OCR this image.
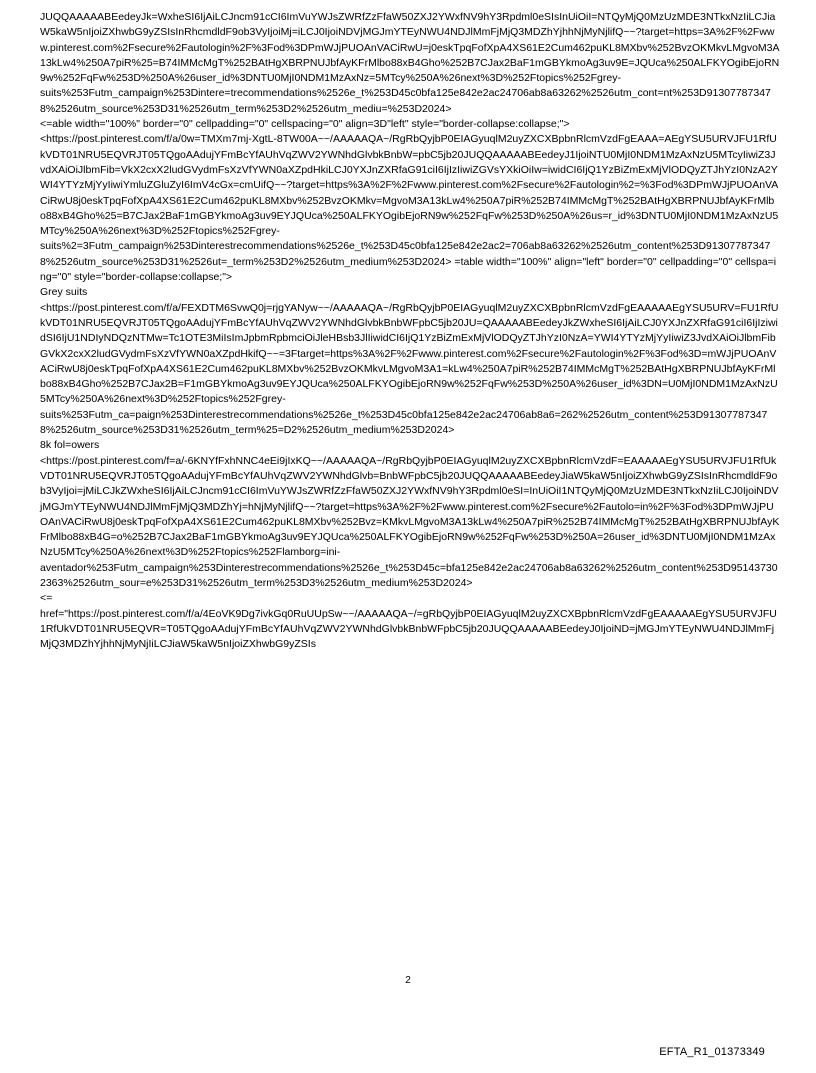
JUQQAAAAABEedeyJk=WxheSI6IjAiLCJncm91cCI6ImVuYWJsZWRfZzFfaW50ZXJ2YWxfNV9hY3Rpdml0eSIsInUiOiI=NTQyMjQ0MzUzMDE3NTkxNzIiLCJiaW5kaW5nIjoiZXhwbG9yZSIsInRhcmdldF9ob3VyIjoiMj=iLCJ0IjoiNDVjMGJmYTEyNWU4NDJlMmFjMjQ3MDZhYjhhNjMyNjlifQ~~?target=https=3A%2F%2Fwww.pinterest.com%2Fsecure%2Fautologin%2F%3Fod%3DPmWJjPUOAnVACiRwU=j0eskTpqFofXpA4XS61E2Cum462puKL8MXbv%252BvzOKMkvLMgvoM3A13kLw4%250A7piR%25=B74IMMcMgT%252BAtHgXBRPNUJbfAyKFrMlbo88xB4Gho%252B7CJax2BaF1mGBYkmoAg3uv9E=JQUca%250ALFKYOgibEjoRN9w%252FqFw%253D%250A%26user_id%3DNTU0MjI0NDM1MzAxNz=5MTcy%250A%26next%3D%252Ftopics%252Fgrey-

suits%253Futm_campaign%253Dintere=trecommendations%2526e_t%253D45c0bfa125e842e2ac24706ab8a63262%2526utm_cont=nt%253D913077873478%2526utm_source%253D31%2526utm_term%253D2%2526utm_mediu=%253D2024>

<=able width="100%" border="0" cellpadding="0" cellspacing="0" align=3D"left" style="border-collapse:collapse;">

<https://post.pinterest.com/f/a/0w=TMXm7mj-XgtL-8TW00A~~/AAAAAQA~/RgRbQyjbP0EIAGyuqlM2uyZXCXBpbnRlcmVzdFgEAAA=AEgYSU5URVJFU1RfUkVDT01NRU5EQVRJT05TQgoAAdujYFmBcYfAUhVqZWV2YWNhdGlvbkBnbW=pbC5jb20JUQQAAAAABEedeyJ1IjoiNTU0MjI0NDM1MzAxNzU5MTcyIiwiZ3JvdXAiOiJlbmFib=VkX2cxX2ludGVydmFsXzVfYWN0aXZpdHkiLCJ0YXJnZXRfaG91ciI6IjIzIiwiZGVsYXkiOiIw=iwidCI6IjQ1YzBiZmExMjVlODQyZTJhYzI0NzA2YWI4YTYzMjYyIiwiYmluZGluZyI6ImV4cGx=cmUifQ~~?target=https%3A%2F%2Fwww.pinterest.com%2Fsecure%2Fautologin%2=%3Fod%3DPmWJjPUOAnVACiRwU8j0eskTpqFofXpA4XS61E2Cum462puKL8MXbv%252BvzOKMkv=MgvoM3A13kLw4%250A7piR%252B74IMMcMgT%252BAtHgXBRPNUJbfAyKFrMlbo88xB4Gho%25=B7CJax2BaF1mGBYkmoAg3uv9EYJQUca%250ALFKYOgibEjoRN9w%252FqFw%253D%250A%26us=r_id%3DNTU0MjI0NDM1MzAxNzU5MTcy%250A%26next%3D%252Ftopics%252Fgrey-

suits%2=3Futm_campaign%253Dinterestrecommendations%2526e_t%253D45c0bfa125e842e2ac2=706ab8a63262%2526utm_content%253D913077873478%2526utm_source%253D31%2526ut=_term%253D2%2526utm_medium%253D2024> =table width="100%" align="left" border="0" cellpadding="0" cellspa=ing="0" style="border-collapse:collapse;">

Grey suits

<https://post.pinterest.com/f/a/FEXDTM6SvwQ0j=rjgYANyw~~/AAAAAQA~/RgRbQyjbP0EIAGyuqlM2uyZXCXBpbnRlcmVzdFgEAAAAAEgYSU5URV=FU1RfUkVDT01NRU5EQVRJT05TQgoAAdujYFmBcYfAUhVqZWV2YWNhdGlvbkBnbWFpbC5jb20JU=QAAAAABEedeyJkZWxheSI6IjAiLCJ0YXJnZXRfaG91ciI6IjIziwidSI6IjU1NDIyNDQzNTMw=Tc1OTE3MiIsImJpbmRpbmciOiJleHBsb3JlIiwidCI6IjQ1YzBiZmExMjVlODQyZTJhYzI0NzA=YWI4YTYzMjYyIiwiZ3JvdXAiOiJlbmFibGVkX2cxX2ludGVydmFsXzVfYWN0aXZpdHkifQ~~=3Ftarget=https%3A%2F%2Fwww.pinterest.com%2Fsecure%2Fautologin%2F%3Fod%3D=mWJjPUOAnVACiRwU8j0eskTpqFofXpA4XS61E2Cum462puKL8MXbv%252BvzOKMkvLMgvoM3A1=kLw4%250A7piR%252B74IMMcMgT%252BAtHgXBRPNUJbfAyKFrMlbo88xB4Gho%252B7CJax2B=F1mGBYkmoAg3uv9EYJQUca%250ALFKYOgibEjoRN9w%252FqFw%253D%250A%26user_id%3DN=U0MjI0NDM1MzAxNzU5MTcy%250A%26next%3D%252Ftopics%252Fgrey-

suits%253Futm_ca=paign%253Dinterestrecommendations%2526e_t%253D45c0bfa125e842e2ac24706ab8a6=262%2526utm_content%253D913077873478%2526utm_source%253D31%2526utm_term%25=D2%2526utm_medium%253D2024>

8k fol=owers

<https://post.pinterest.com/f=a/-6KNYfFxhNNC4eEi9jIxKQ~~/AAAAAQA~/RgRbQyjbP0EIAGyuqlM2uyZXCXBpbnRlcmVzdF=EAAAAAEgYSU5URVJFU1RfUkVDT01NRU5EQVRJT05TQgoAAdujYFmBcYfAUhVqZWV2YWNhdGlvb=BnbWFpbC5jb20JUQQAAAAABEedeyJiaW5kaW5nIjoiZXhwbG9yZSIsInRhcmdldF9ob3VyIjoi=jMiLCJkZWxheSI6IjAiLCJncm91cCI6ImVuYWJsZWRfZzFfaW50ZXJ2YWxfNV9hY3Rpdml0eSI=InUiOiI1NTQyMjQ0MzUzMDE3NTkxNzIiLCJ0IjoiNDVjMGJmYTEyNWU4NDJlMmFjMjQ3MDZhYj=hNjMyNjlifQ~~?target=https%3A%2F%2Fwww.pinterest.com%2Fsecure%2Fautolo=in%2F%3Fod%3DPmWJjPUOAnVACiRwU8j0eskTpqFofXpA4XS61E2Cum462puKL8MXbv%252Bvz=KMkvLMgvoM3A13kLw4%250A7piR%252B74IMMcMgT%252BAtHgXBRPNUJbfAyKFrMlbo88xB4G=o%252B7CJax2BaF1mGBYkmoAg3uv9EYJQUca%250ALFKYOgibEjoRN9w%252FqFw%253D%250A=26user_id%3DNTU0MjI0NDM1MzAxNzU5MTcy%250A%26next%3D%252Ftopics%252Flamborg=ini-

aventador%253Futm_campaign%253Dinterestrecommendations%2526e_t%253D45c=bfa125e842e2ac24706ab8a63262%2526utm_content%253D951437302363%2526utm_sour=e%253D31%2526utm_term%253D3%2526utm_medium%253D2024>

<=

href="https://post.pinterest.com/f/a/4EoVK9Dg7ivkGq0RuUUpSw~~/AAAAAQA~/=gRbQyjbP0EIAGyuqlM2uyZXCXBpbnRlcmVzdFgEAAAAAEgYSU5URVJFU1RfUkVDT01NRU5EQVR=T05TQgoAAdujYFmBcYfAUhVqZWV2YWNhdGlvbkBnbWFpbC5jb20JUQQAAAAABEedeyJ0IjoiND=jMGJmYTEyNWU4NDJlMmFjMjQ3MDZhYjhhNjMyNjIiLCJiaW5kaW5nIjoiZXhwbG9yZSIs

2
EFTA_R1_01373349
